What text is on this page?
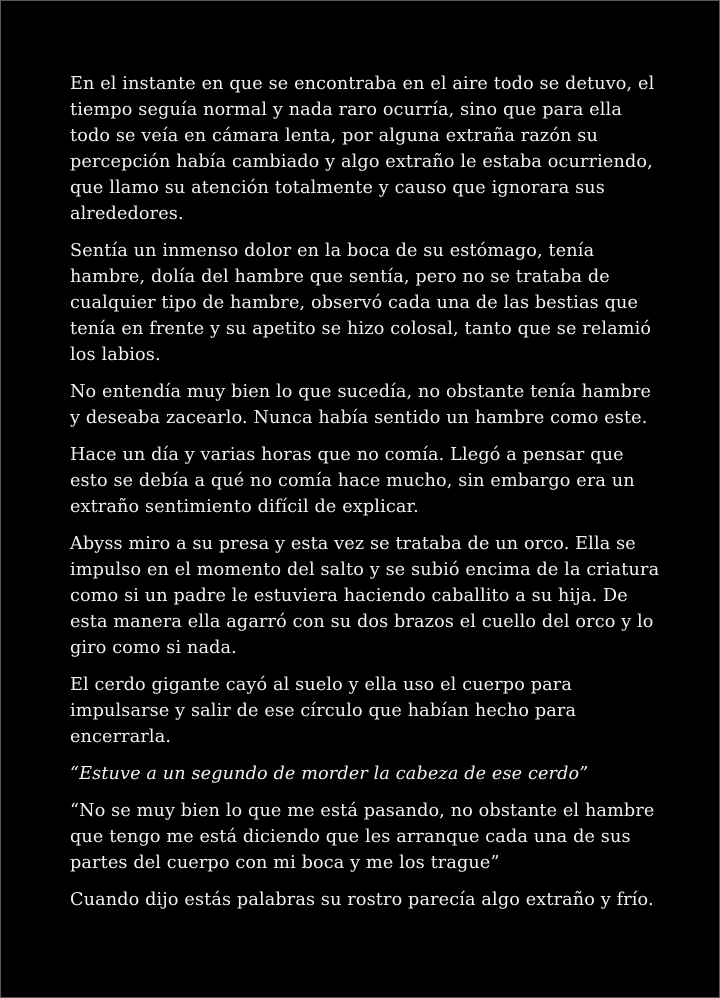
En el instante en que se encontraba en el aire todo se detuvo, el tiempo seguía normal y nada raro ocurría, sino que para ella todo se veía en cámara lenta, por alguna extraña razón su percepción había cambiado y algo extraño le estaba ocurriendo, que llamo su atención totalmente y causo que ignorara sus alrededores.

Sentía un inmenso dolor en la boca de su estómago, tenía hambre, dolía del hambre que sentía, pero no se trataba de cualquier tipo de hambre, observó cada una de las bestias que tenía en frente y su apetito se hizo colosal, tanto que se relamió los labios.

No entendía muy bien lo que sucedía, no obstante tenía hambre y deseaba zacearlo. Nunca había sentido un hambre como este.

Hace un día y varias horas que no comía. Llegó a pensar que esto se debía a qué no comía hace mucho, sin embargo era un extraño sentimiento difícil de explicar.

Abyss miro a su presa y esta vez se trataba de un orco. Ella se impulso en el momento del salto y se subió encima de la criatura como si un padre le estuviera haciendo caballito a su hija. De esta manera ella agarró con su dos brazos el cuello del orco y lo giro como si nada.

El cerdo gigante cayó al suelo y ella uso el cuerpo para impulsarse y salir de ese círculo que habían hecho para encerrarla.

“Estuve a un segundo de morder la cabeza de ese cerdo”

“No se muy bien lo que me está pasando, no obstante el hambre que tengo me está diciendo que les arranque cada una de sus partes del cuerpo con mi boca y me los trague”

Cuando dijo estás palabras su rostro parecía algo extraño y frío.
